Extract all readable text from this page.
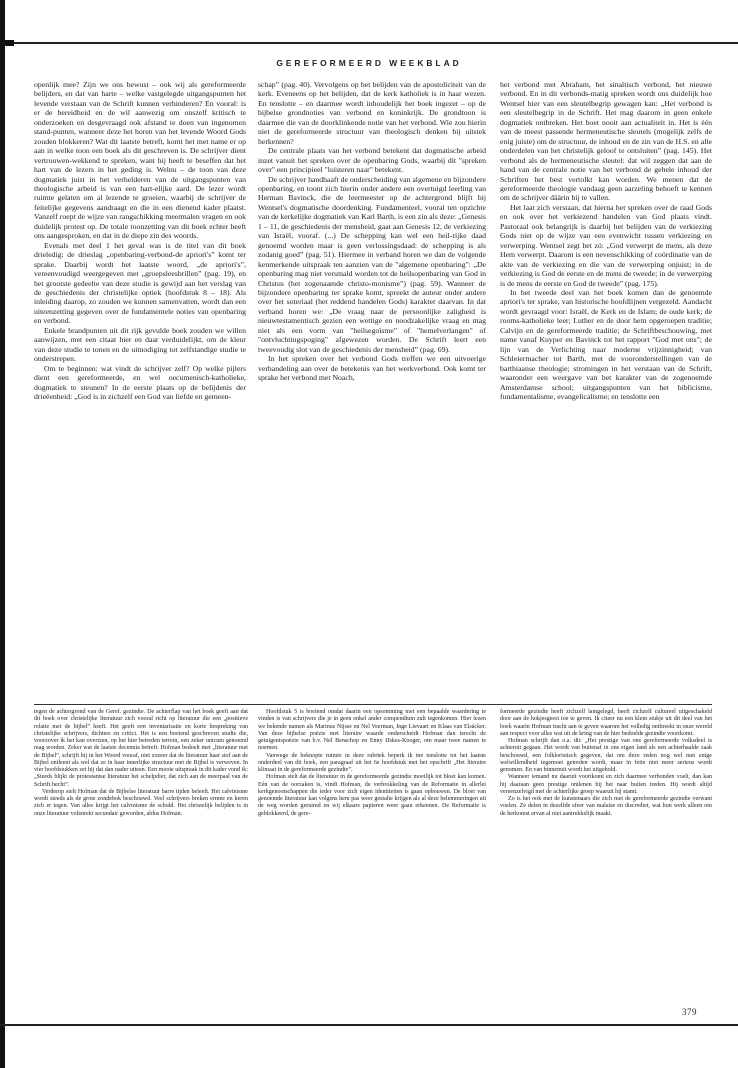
GEREFORMEERD WEEKBLAD

openlijk mee? Zijn we ons bewust – ook wij als gereformeerde belijders, en dat van harte – welke vastgelegde uitgangspunten het levende verstaan van de Schrift kunnen verhinderen? En vooral: is er de bereidheid en de wil aanwezig om onszelf kritisch te onderzoeken en desgevraagd ook afstand te doen van ingenomen stand-punten, wanneer deze het horen van het levende Woord Gods zouden blokkeren? Wat dit laatste betreft, komt het met name er op aan in welke toon een boek als dit geschreven is. De schrijver dient vertrouwen-wekkend te spreken, want hij heeft te beseffen dat het hart van de lezers in het geding is. Welnu – de toon van deze dogmatiek juist in het verhelderen van de uitgangspunten van theologische arbeid is van een hart-elijke aard. De lezer wordt ruimte gelaten om al lezende te groeien, waarbij de schrijver de feitelijke gegevens aandraagt en die in een dienend kader plaatst. Vanzelf roept de wijze van rangschikking meermalen vragen en ook duidelijk protest op. De totale toonzetting van dit boek echter heeft ons aangesproken, en dat in de diepe zin des woords.

Evenals met deel 1 het geval was is de titel van dit boek drieledig: de drieslag „openbaring-verbond-de apriori's” komt ter sprake. Daarbij wordt het laatste woord, „de apriori's”, vereenvoudigd weergegeven met „groepsleesbrillen” (pag. 19), en het grootste gedeelte van deze studie is gewijd aan het verslag van de geschiedenis der christelijke optiek (hoofdstuk 8 – 18). Als inleiding daarop, zo zouden we kunnen samenvatten, wordt dan een uiteenzetting gegeven over de fundamentele noties van openbaring en verbond.

Enkele brandpunten uit dit rijk gevulde boek zouden we willen aanwijzen, met een citaat hier en daar verduidelijkt, om de kleur van deze studie te tonen en de uitnodiging tot zelfstandige studie te onderstrepen.

Om te beginnen: wat vindt de schrijver zelf? Op welke pijlers dient een gereformeerde, en wel oecumenisch-katholieke, dogmatiek te steunen? In de eerste plaats op de belijdenis der drieëenheid: „God is in zichzelf een God van liefde en gemeen-

schap” (pag. 40). Vervolgens op het belijden van de apostoliciteit van de kerk. Eveneens op het belijden, dat de kerk katholiek is in haar wezen. En tenslotte – en daarmee wordt inhoudelijk het boek ingezet – op de bijbelse grondnoties van verbond en koninkrijk. De grondtoon is daarmee die van de doorklinkende notie van het verbond. Wie zou hierin niet de gereformeerde structuur van theologisch denken bij uitstek herkennen?

De centrale plaats van het verbond betekent dat dogmatische arbeid inzet vanuit het spreken over de openbaring Gods, waarbij dit "spreken over" een principieel "luisteren naar" betekent.

De schrijver handhaaft de onderscheiding van algemene en bijzondere openbaring, en toont zich hierin onder andere een overtuigd leerling van Herman Bavinck, die de leermeester op de achtergrond blijft bij Wentsel's dogmatische doordenking. Fundamenteel, vooral ten opzichte van de kerkelijke dogmatiek van Karl Barth, is een zin als deze: „Genesis 1 – 11, de geschiedenis der mensheid, gaat aan Genesis 12, de verkiezing van Israël, vooraf. (...) De schepping kan wel een heil-rijke daad genoemd worden maar is geen verlossingsdaad: de schepping is als zodanig goed” (pag. 51). Hiermee in verband horen we dan de volgende kenmerkende uitspraak ten aanzien van de "algemene openbaring": „De openbaring mag niet versmald worden tot de heilsopenbaring van God in Christus (het zogenaamde christo-monisme”) (pag. 59). Wanneer de bijzondere openbaring ter sprake komt, spreekt de auteur onder andere over het soteriaal (het reddend handelen Gods) karakter daarvan. In dat verband horen we: „De vraag naar de persoonlijke zaligheid is nieuwtestamentisch gezien een wettige en noodzakelijke vraag en mag niet als een vorm van "heilsegoïsme" of "hemelverlangen" of "ontvluchtingspoging" afgewezen worden. De Schrift leert een tweevoudig slot van de geschiedenis der mensheid” (pag. 69).

In het spreken over het verbond Gods treffen we een uitvoerige verhandeling aan over de betekenis van het werkverbond. Ook komt ter sprake het verbond met Noach,

het verbond met Abraham, het sinaïtisch verbond, het nieuwe verbond. En in dit verbonds-matig spreken wordt ons duidelijk hoe Wentsel hier van een sleutelbegrip gewagen kan: „Het verbond is een sleutelbegrip in de Schrift. Het mag daarom in geen enkele dogmatiek ontbreken. Het boet nooit aan actualiteit in. Het is één van de meest passende hermeneutische sleutels (mogelijk zelfs de enig juiste) om de structuur, de inhoud en de zin van de H.S. en alle onderdelen van het christelijk geloof te ontsluiten” (pag. 145). Het verbond als de hermeneutische sleutel: dat wil zeggen dat aan de hand van de centrale notie van het verbond de gehele inhoud der Schriften het best vertolkt kan worden. We menen dat de gereformeerde theologie vandaag geen aarzeling behoeft te kennen om de schrijver däärin bij te vallen.

Het laat zich verstaan, dat hierna het spreken over de raad Gods en ook over het verkiezend handelen van God plaats vindt. Pastoraal ook belangrijk is daarbij het belijden van de verkiezing Gods niet op de wijze van een evenwicht tussen verkiezing en verwerping. Wentsel zegt het zó: „God verwerpt de mens, als deze Hem verwerpt. Daarom is een nevenschikking of coördinatie van de akte van de verkiezing en die van de verwerping onjuist; in de verkiezing is God de eerste en de mens de tweede; in de verwerping is de mens de eerste en God de tweede” (pag. 175).

In het tweede deel van het boek komen dan de genoemde apriori's ter sprake, van historische hoofdlijnen vergezeld. Aandacht wordt gevraagd voor: Israël, de Kerk en de Islam; de oude kerk; de rooms-katholieke leer; Luther en de door hem opgeroepen traditie; Calvijn en de gereformeerde traditie; de Schriftbeschouwing, met name vanaf Kuyper en Bavinck tot het rapport "God met ons"; de lijn van de Verlichting naar moderne vrijzinnigheid; van Schleiermacher tot Barth, met de vooronderstellingen van de barthiaanse theologie; stromingen in het verstaan van de Schrift, waaronder een weergave van het karakter van de zogenoemde Amsterdamse school; uitgangspunten van het biblicisme, fundamentalisme, evangelicalisme; en tenslotte een

tegen de achtergrond van de Geref. gezindte. De achterflap van het boek geeft aan dat dit boek over christelijke literatuur zich vooral richt op literatuur die een „positieve relatie met de bijbel” heeft. Het geeft een inventarisatie en korte bespreking van christelijke schrijvers, dichters en critici. Het is een boeiend geschreven studie die, voorzover ik het kan overzien, op het hier betreden terrein, een zeker unicum genoemd mag worden. Zeker wat de laatste decennia betreft. Hofman bedoelt met „literatuur met de Bijbel”, schrijft hij in het Woord vooraf, niet zozeer dat de literatuur haar stof aan de Bijbel ontleent als wel dat ze in haar innerlijke structuur met de Bijbel is verweven. In vier hoofdstukken zet hij dat dan nader uiteen. Een mooie uitspraak in dit kader vond ik: „Steeds blijkt de protestantse literatuur het schelpdier, dat zich aan de meerpaal van de Schrift hecht”.

Verderop stelt Hofman dat de Bijbelse literatuur barre tijden beleeft. Het calvinisme wordt steeds als de grote zondebok beschouwd. Veel schrijvers breken ermee en keren zich er tegen. Van alles krijgt het calvinisme de schuld. Het christelijk belijden is in onze literatuur voltstrekt secundair geworden, aldus Hofman.

Hoofdstuk 5 is boeiend omdat daarin een opsomming met een bepaalde waardering te vinden is van schrijvers die je in geen enkel ander compendium zult tegenkomen. Hier lezen we bekende namen als Marinus Nijsse en Nel Veerman, Inge Lievaart en Klaas van Elsäcker. Van deze bijbelse poëzie met literaire waarde onderscheidt Hofman dan terecht de getuigenispoëzie van b.v. Nel Benschop en Enny IJskes-Kooger, om maar twee namen te noemen.

Vanwege de beknopte ruimte in deze rubriek beperk ik me tenslotte tot het laatste onderdeel van dit boek, een paragraaf uit het 6e hoofdstuk met het opschrift „Het literaire klimaat in de gereformeerde gezindte”.

Hofman stelt dat de literatuur in de gereformeerde gezindte moeilijk tot bloei kan komen. Eén van de oorzaken is, vindt Hofman, de verbrokkeling van de Reformatie in allerlei kerkgenootschappen die ieder voor zich eigen identiteiten is gaan opbouwen. De bloei van genoemde literatuur kan volgens hem pas weer gestalte krijgen als al deze belemmeringen uit de weg worden geruimd en wij elkaars papieren weer gaan erkennen. De Reformatie is geblokkeerd, de gere-

formeerde gezindte heeft zichzelf lamgelegd, heeft zichzelf cultureel uitgeschakeld door aan de hokjesgeest toe te geven. Ik citeer nu een klein stukje uit dit deel van het boek waarin Hofman tracht aan te geven waarom het volledig ontbreekt in onze wereld aan respect voor alles wat uit de kring van de hier bedoelde gezindte voortkomt.

Hofman schrijft dan o.a. dit: „Het prestige van ons gereformeerde volksdeel is achteruit gegaan. Het wordt van buitenaf in ons eigen land als een achterhaalde zaak beschouwd, een folkloristisch gegeven, dat om deze reden nog wel met enige welwillendheid tegemoet getreden wordt, maar in feite niet meer serieus wordt genomen. En van binnenuit wordt het uitgehold.

Wanneer iemand nu daaruit voortkomt en zich daarmee verbonden voelt, dan kan hij daaraan geen prestige ontlenen bij het naar buiten treden. Hij wordt altijd vereenzelvigd met de achterlijke groep waaruit hij stamt.

Zo is het ook met de kunstenaars die zich met de gereformeerde gezindte verwant voelen. Ze delen in dezelfde sfeer van malaise en discrediet, wat hun werk alleen om de herkomst ervan al niet aantrekkelijk maakt.

379
